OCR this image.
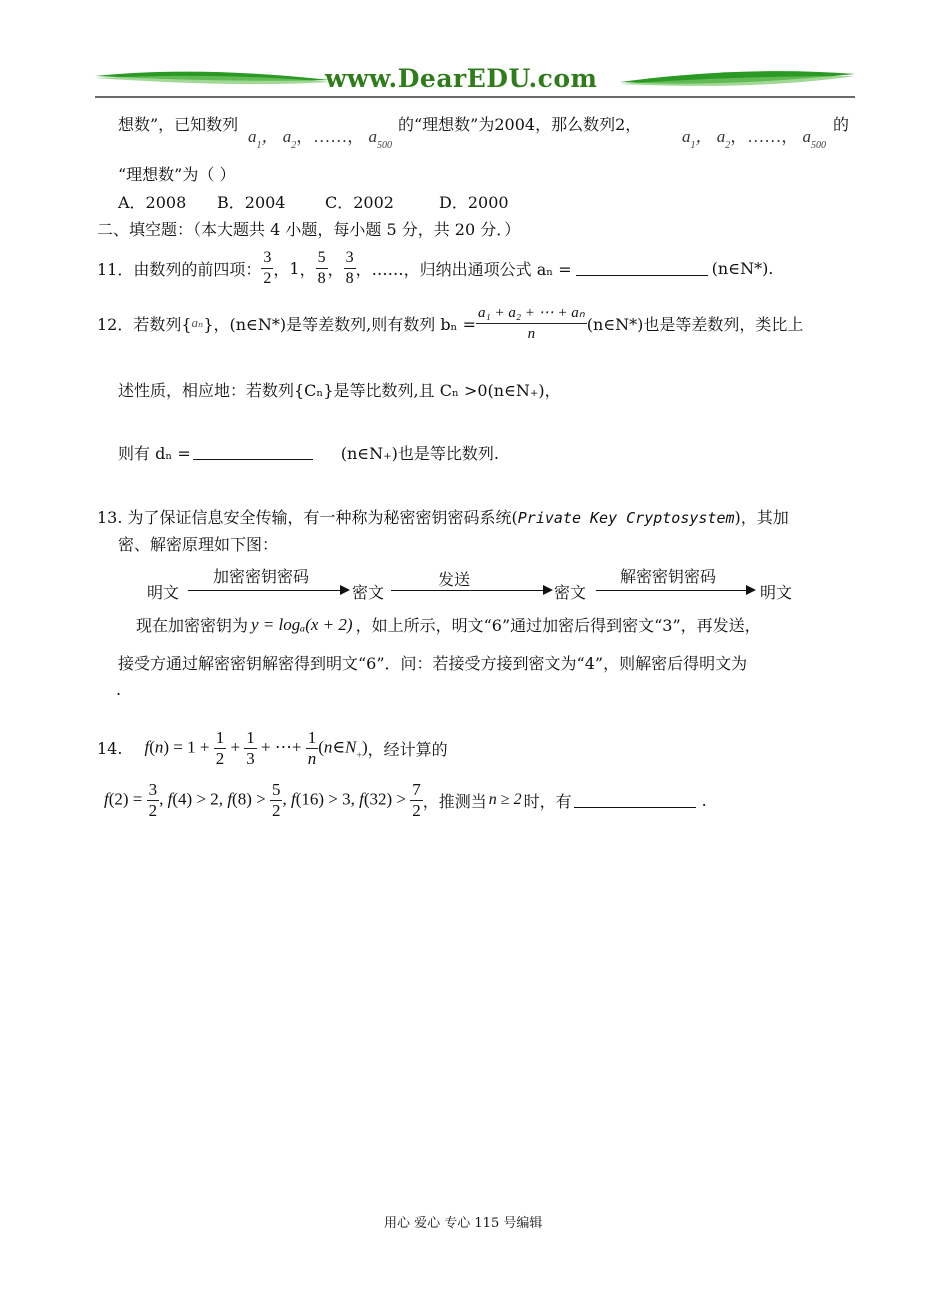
www.DearEDU.com
想数”，已知数列
$a_1$， $a_2$，……， $a_{500}$
的“理想数”为2004，那么数列2，
$a_1$， $a_2$，……， $a_{500}$
的
“理想数”为（ ）
A．2008 B．2004 C．2002	D．2000
二、填空题：（本大题共 4 小题，每小题 5 分，共 20 分．）
11．由数列的前四项： $\frac{3}{2}$ ， 1 ， $\frac{5}{8}$ ， $\frac{3}{8}$ ， ……，归纳出通项公式 aₙ =	(n∈N*).
12．若数列{ aₙ }，(n∈N*)是等差数列,则有数列 $b_n = \frac{\text{a₁ + a₂ + ⋯ + aₙ}}{n}$ (n∈N*)也是等差数列，类比上
述性质，相应地：若数列{Cₙ}是等比数列,且 Cₙ >0(n∈N₊)，
则有 dₙ =	(n∈N₊)也是等比数列.
13. 为了保证信息安全传输，有一种称为秘密密钥密码系统(Private Key Cryptosystem)，其加
密、解密原理如下图：
明文
加密密钥密码
密文
发送
密文
解密密钥密码
明文
现在加密密钥为 y = logₐ(x + 2) ，如上所示，明文“6”通过加密后得到密文“3”，再发送，
接受方通过解密密钥解密得到明文“6”．问：若接受方接到密文为“4”，则解密后得明文为
.
14. $f(n) = 1 + \frac{1}{2} + \frac{1}{3}$ + ⋯+ $\frac{1}{n}$ $(n\in N_+)$ ，经计算的
$f(2) = \frac{3}{2}$ , f(4) > 2, $f(8) > \frac{5}{2}$ , f(16) > 3, $f(32) > \frac{7}{2}$ ，推测当 n ≥ 2 时，有	.
用心 爱心 专心 115 号编辑
